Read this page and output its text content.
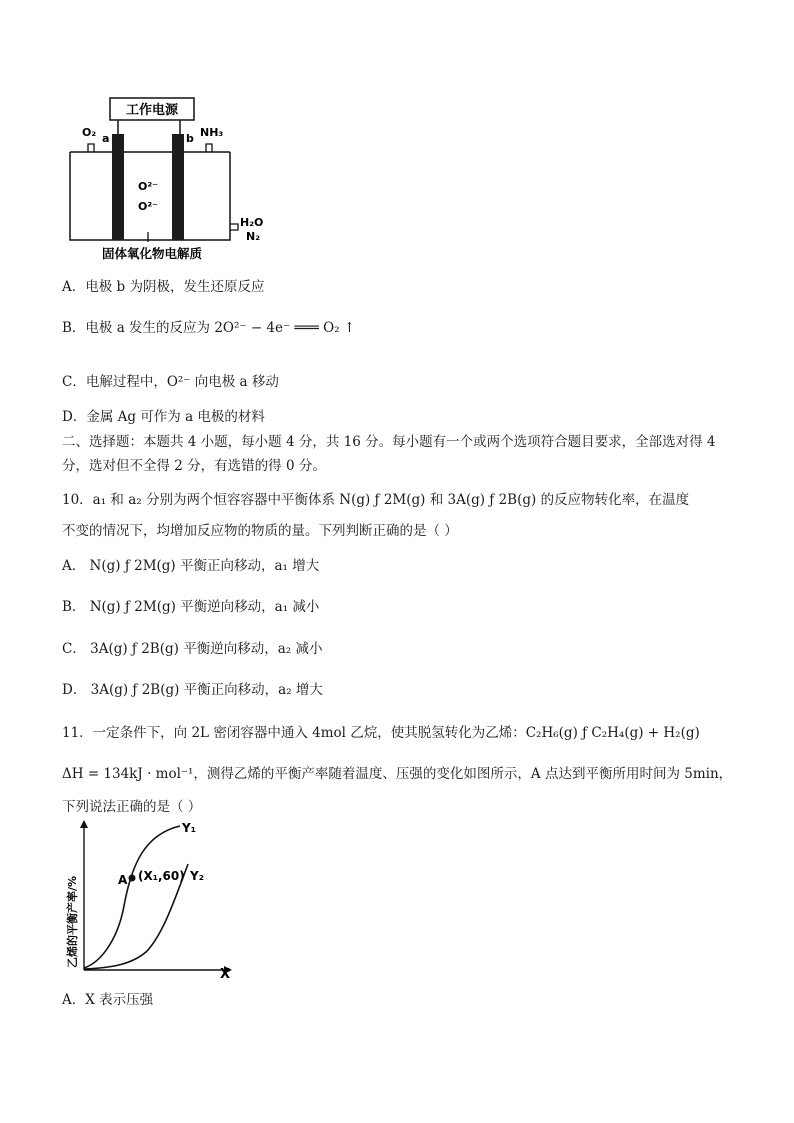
工作电源
O₂ a	b NH₃
O²⁻
O²⁻
H₂O
N₂
固体氧化物电解质
A．电极 b 为阴极，发生还原反应
B．电极 a 发生的反应为 2O²⁻ − 4e⁻ ═══ O₂ ↑
C．电解过程中，O²⁻ 向电极 a 移动
D．金属 Ag 可作为 a 电极的材料
二、选择题：本题共 4 小题，每小题 4 分，共 16 分。每小题有一个或两个选项符合题目要求，全部选对得 4
分，选对但不全得 2 分，有选错的得 0 分。
10．a₁ 和 a₂ 分别为两个恒容容器中平衡体系 N(g) ƒ 2M(g) 和 3A(g) ƒ 2B(g) 的反应物转化率，在温度
不变的情况下，均增加反应物的物质的量。下列判断正确的是（ ）
A． N(g) ƒ 2M(g) 平衡正向移动，a₁ 增大
B． N(g) ƒ 2M(g) 平衡逆向移动，a₁ 减小
C． 3A(g) ƒ 2B(g) 平衡逆向移动，a₂ 减小
D． 3A(g) ƒ 2B(g) 平衡正向移动，a₂ 增大
11．一定条件下，向 2L 密闭容器中通入 4mol 乙烷，使其脱氢转化为乙烯：C₂H₆(g) ƒ C₂H₄(g) + H₂(g)
ΔH = 134kJ · mol⁻¹，测得乙烯的平衡产率随着温度、压强的变化如图所示，A 点达到平衡所用时间为 5min，
下列说法正确的是（ ）
A (X₁,60)
Y₁
Y₂
X
乙烯的平衡产率/%
A．X 表示压强
